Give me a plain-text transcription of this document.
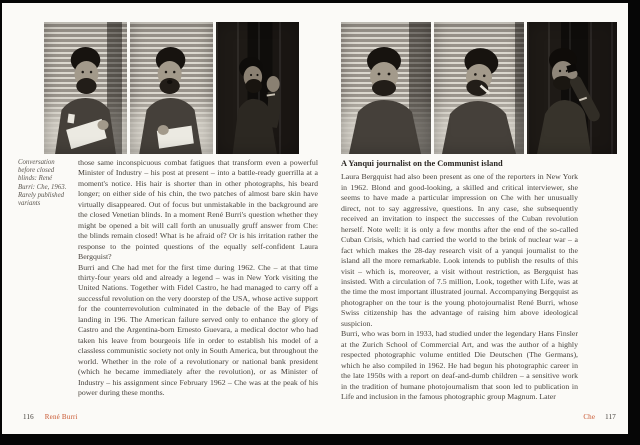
Conversation before closed blinds: René Burri: Che, 1963. Rarely published variants

those same inconspicuous combat fatigues that transform even a powerful Minister of Industry – his post at present – into a battle-ready guerrilla at a moment's notice. His hair is shorter than in other photographs, his beard longer; on either side of his chin, the two patches of almost bare skin have virtually disappeared. Out of focus but unmistakable in the background are the closed Venetian blinds. In a moment René Burri's question whether they might be opened a bit will call forth an unusually gruff answer from Che: the blinds remain closed! What is he afraid of? Or is his irritation rather the response to the pointed questions of the equally self-confident Laura Bergquist?

Burri and Che had met for the first time during 1962. Che – at that time thirty-four years old and already a legend – was in New York visiting the United Nations. Together with Fidel Castro, he had managed to carry off a successful revolution on the very doorstep of the USA, whose active support for the counterrevolution culminated in the debacle of the Bay of Pigs landing in 196. The American failure served only to enhance the glory of Castro and the Argentina-born Ernesto Guevara, a medical doctor who had taken his leave from bourgeois life in order to establish his model of a classless communistic society not only in South America, but throughout the world. Whether in the role of a revolutionary or national bank president (which he became immediately after the revolution), or as Minister of Industry – his assignment since February 1962 – Che was at the peak of his power during these months.

A Yanqui journalist on the Communist island

Laura Bergquist had also been present as one of the reporters in New York in 1962. Blond and good-looking, a skilled and critical interviewer, she seems to have made a particular impression on Che with her unusually direct, not to say aggressive, questions. In any case, she subsequently received an invitation to inspect the successes of the Cuban revolution herself. Note well: it is only a few months after the end of the so-called Cuban Crisis, which had carried the world to the brink of nuclear war – a fact which makes the 28-day research visit of a yanqui journalist to the island all the more remarkable. Look intends to publish the results of this visit – which is, moreover, a visit without restriction, as Bergquist has insisted. With a circulation of 7.5 million, Look, together with Life, was at the time the most important illustrated journal. Accompanying Bergquist as photographer on the tour is the young photojournalist René Burri, whose Swiss citizenship has the advantage of raising him above ideological suspicion.

Burri, who was born in 1933, had studied under the legendary Hans Finsler at the Zurich School of Commercial Art, and was the author of a highly respected photographic volume entitled Die Deutschen (The Germans), which he also compiled in 1962. He had begun his photographic career in the late 1950s with a report on deaf-and-dumb children – a sensitive work in the tradition of humane photojournalism that soon led to publication in Life and inclusion in the famous photographic group Magnum. Later

116 René Burri	Che 117
